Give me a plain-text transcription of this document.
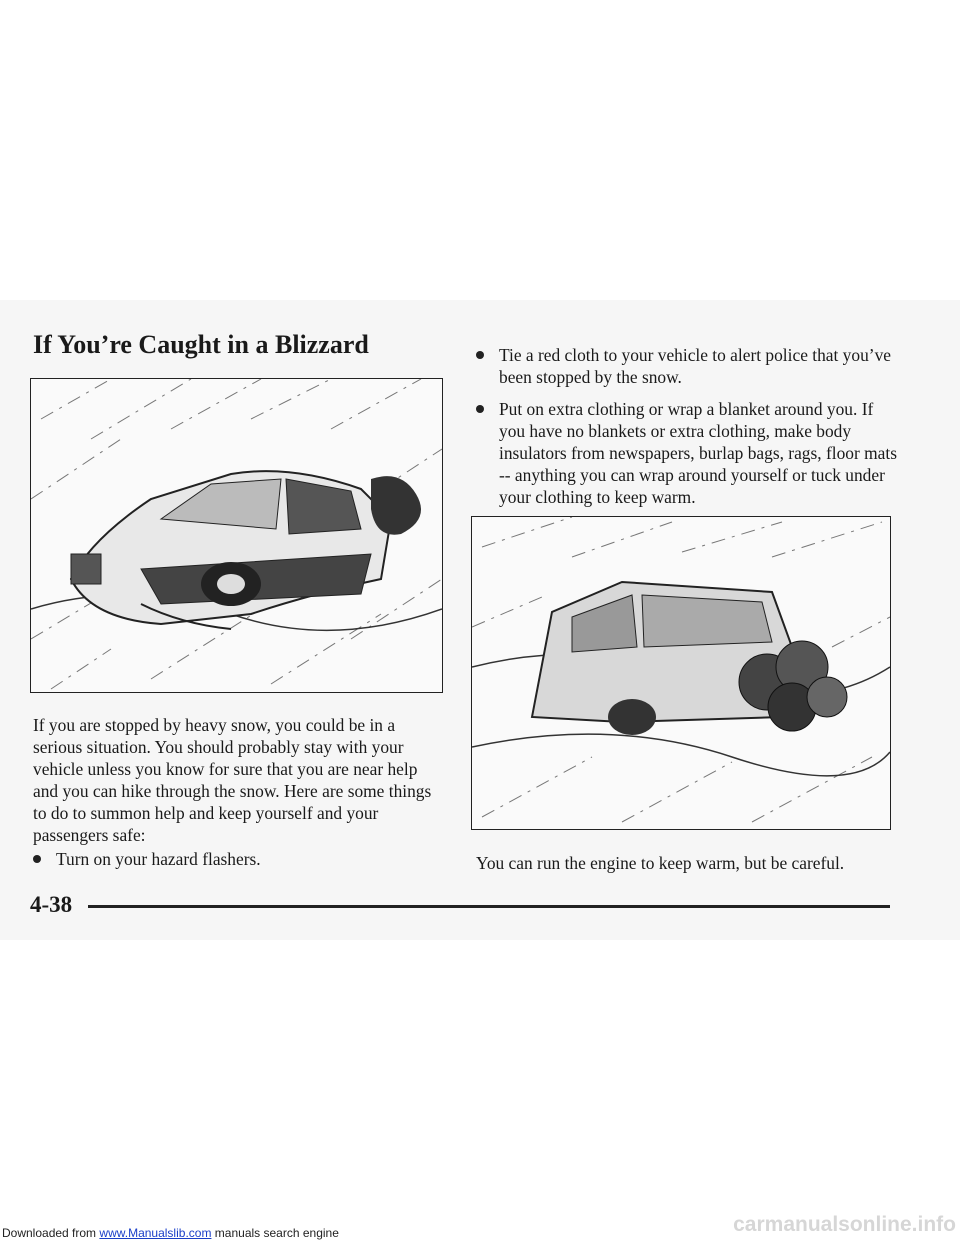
If You’re Caught in a Blizzard

If you are stopped by heavy snow, you could be in a serious situation. You should probably stay with your vehicle unless you know for sure that you are near help and you can hike through the snow. Here are some things to do to summon help and keep yourself and your passengers safe:

Turn on your hazard flashers.
Tie a red cloth to your vehicle to alert police that you’ve been stopped by the snow.
Put on extra clothing or wrap a blanket around you. If you have no blankets or extra clothing, make body insulators from newspapers, burlap bags, rags, floor mats -- anything you can wrap around yourself or tuck under your clothing to keep warm.
You can run the engine to keep warm, but be careful.
4-38
Downloaded from www.Manualslib.com manuals search engine	carmanualsonline.info
